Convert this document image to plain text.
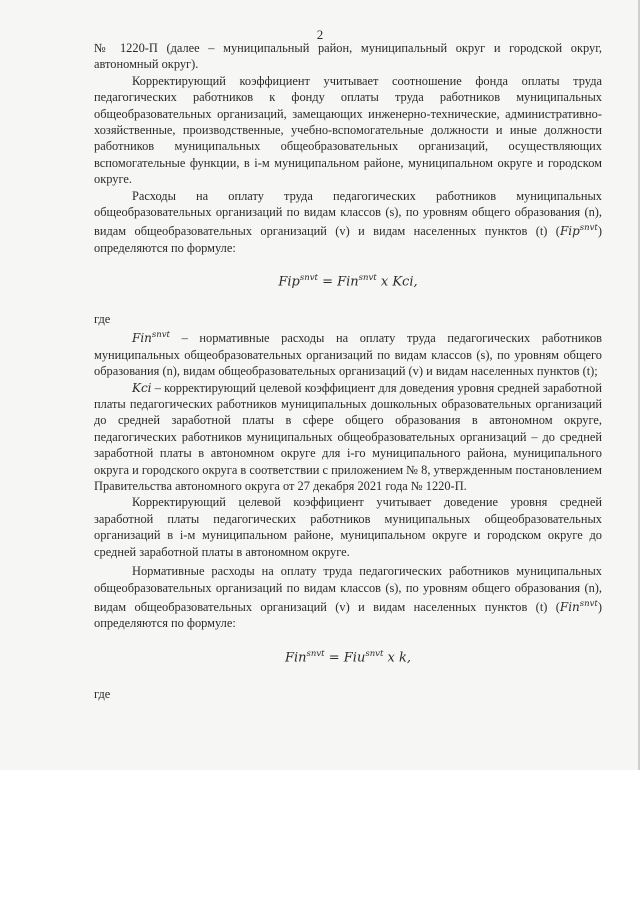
2

№ 1220-П (далее – муниципальный район, муниципальный округ и городской округ, автономный округ).

Корректирующий коэффициент учитывает соотношение фонда оплаты труда педагогических работников к фонду оплаты труда работников муниципальных общеобразовательных организаций, замещающих инженерно-технические, административно-хозяйственные, производственные, учебно-вспомогательные должности и иные должности работников муниципальных общеобразовательных организаций, осуществляющих вспомогательные функции, в i-м муниципальном районе, муниципальном округе и городском округе.

Расходы на оплату труда педагогических работников муниципальных общеобразовательных организаций по видам классов (s), по уровням общего образования (n), видам общеобразовательных организаций (v) и видам населенных пунктов (t) (Fip$^{snvt}$) определяются по формуле:

Fip$^{snvt}$ = Fin$^{snvt}$ x Kci,

где

Fin$^{snvt}$ – нормативные расходы на оплату труда педагогических работников муниципальных общеобразовательных организаций по видам классов (s), по уровням общего образования (n), видам общеобразовательных организаций (v) и видам населенных пунктов (t);

Kci – корректирующий целевой коэффициент для доведения уровня средней заработной платы педагогических работников муниципальных дошкольных образовательных организаций до средней заработной платы в сфере общего образования в автономном округе, педагогических работников муниципальных общеобразовательных организаций – до средней заработной платы в автономном округе для i-го муниципального района, муниципального округа и городского округа в соответствии с приложением № 8, утвержденным постановлением Правительства автономного округа от 27 декабря 2021 года № 1220-П.

Корректирующий целевой коэффициент учитывает доведение уровня средней заработной платы педагогических работников муниципальных общеобразовательных организаций в i-м муниципальном районе, муниципальном округе и городском округе до средней заработной платы в автономном округе.

Нормативные расходы на оплату труда педагогических работников муниципальных общеобразовательных организаций по видам классов (s), по уровням общего образования (n), видам общеобразовательных организаций (v) и видам населенных пунктов (t) (Fin$^{snvt}$) определяются по формуле:

Fin$^{snvt}$ = Fiu$^{snvt}$ x k,

где
